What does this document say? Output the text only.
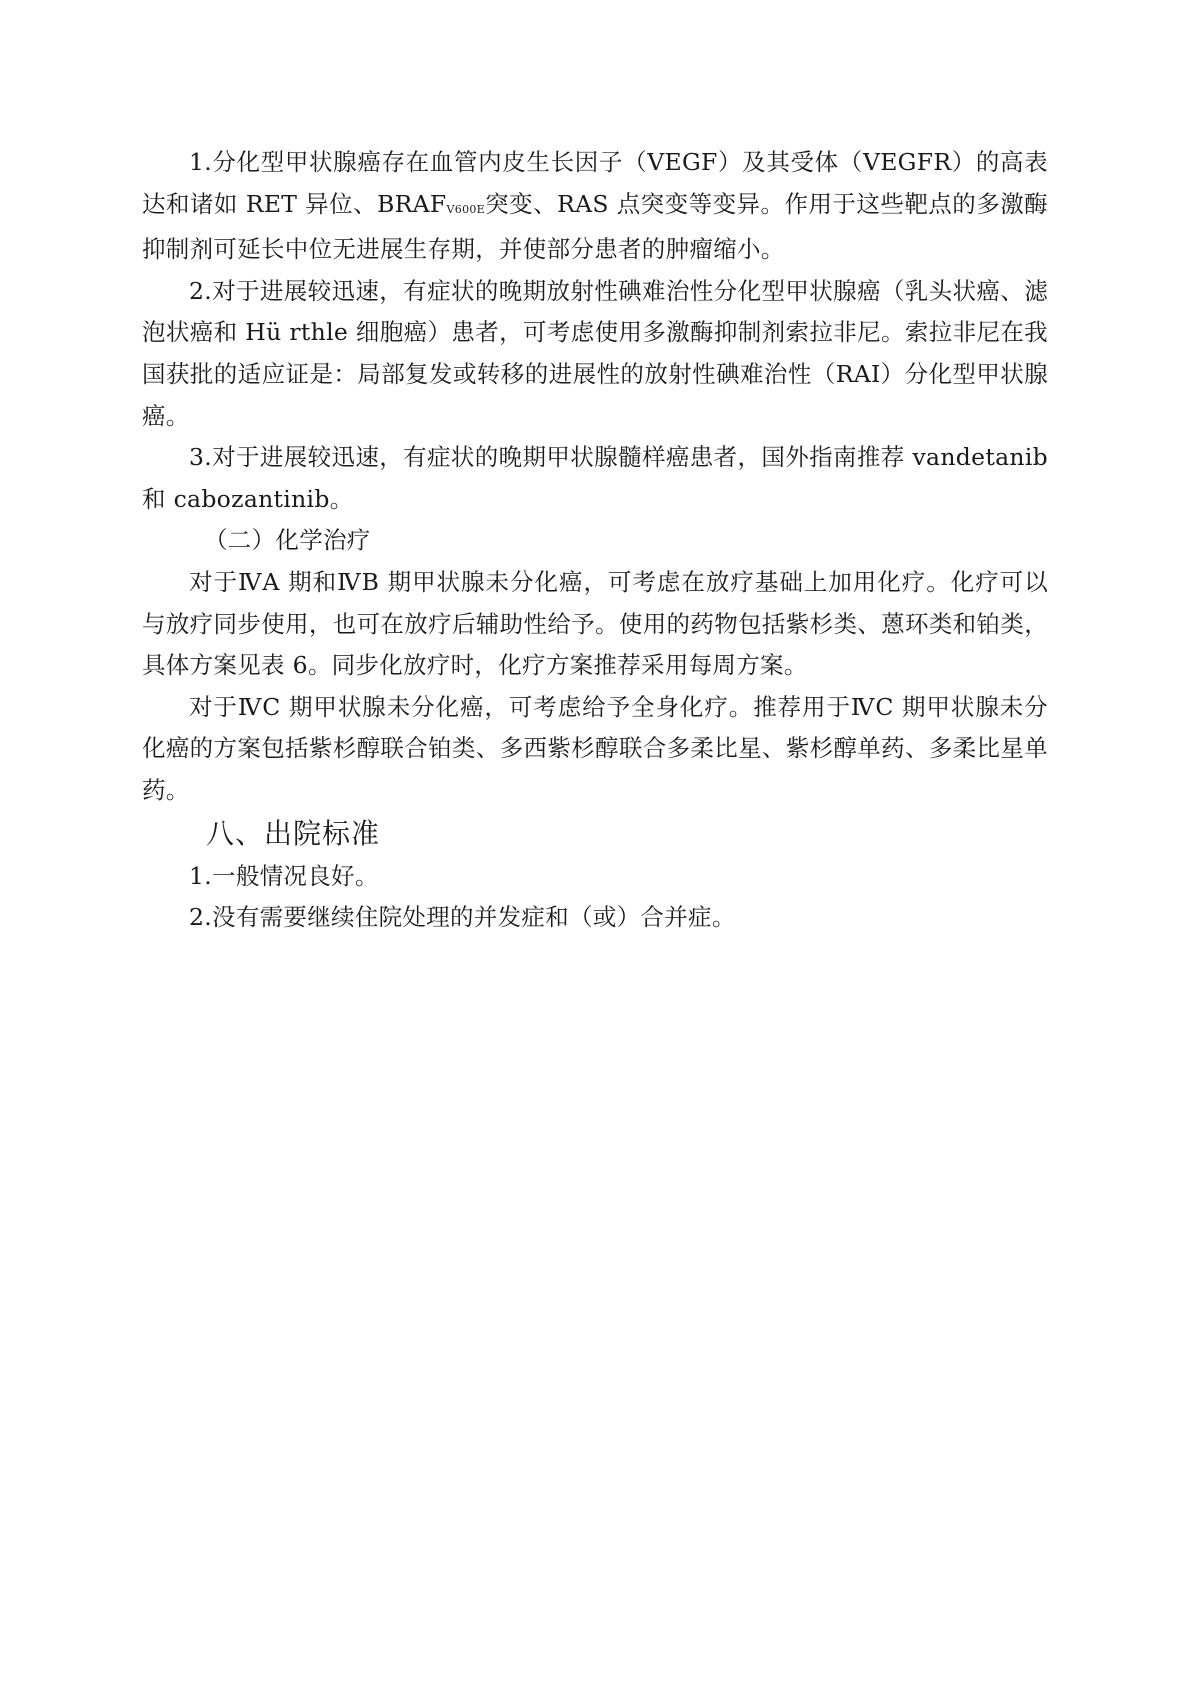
1.分化型甲状腺癌存在血管内皮生长因子（VEGF）及其受体（VEGFR）的高表达和诸如 RET 异位、$BRAF_{V600E}$突变、RAS 点突变等变异。作用于这些靶点的多激酶抑制剂可延长中位无进展生存期，并使部分患者的肿瘤缩小。

2.对于进展较迅速，有症状的晚期放射性碘难治性分化型甲状腺癌（乳头状癌、滤泡状癌和 Hü rthle 细胞癌）患者，可考虑使用多激酶抑制剂索拉非尼。索拉非尼在我国获批的适应证是：局部复发或转移的进展性的放射性碘难治性（RAI）分化型甲状腺癌。

3.对于进展较迅速，有症状的晚期甲状腺髓样癌患者，国外指南推荐 vandetanib 和 cabozantinib。

（二）化学治疗

对于ⅣA 期和ⅣB 期甲状腺未分化癌，可考虑在放疗基础上加用化疗。化疗可以与放疗同步使用，也可在放疗后辅助性给予。使用的药物包括紫杉类、蒽环类和铂类，具体方案见表 6。同步化放疗时，化疗方案推荐采用每周方案。

对于ⅣC 期甲状腺未分化癌，可考虑给予全身化疗。推荐用于ⅣC 期甲状腺未分化癌的方案包括紫杉醇联合铂类、多西紫杉醇联合多柔比星、紫杉醇单药、多柔比星单药。

八、出院标准

1.一般情况良好。

2.没有需要继续住院处理的并发症和（或）合并症。
